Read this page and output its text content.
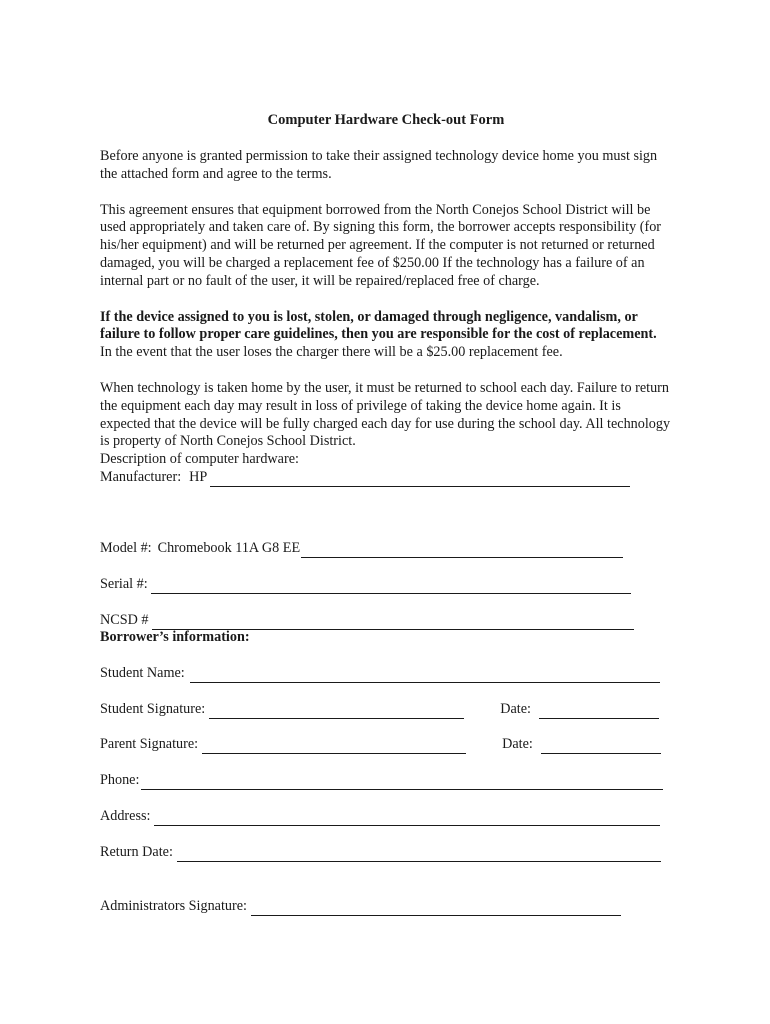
Computer Hardware Check-out Form

Before anyone is granted permission to take their assigned technology device home you must sign the attached form and agree to the terms.

This agreement ensures that equipment borrowed from the North Conejos School District will be used appropriately and taken care of. By signing this form, the borrower accepts responsibility (for his/her equipment) and will be returned per agreement. If the computer is not returned or returned damaged, you will be charged a replacement fee of $250.00 If the technology has a failure of an internal part or no fault of the user, it will be repaired/replaced free of charge.

If the device assigned to you is lost, stolen, or damaged through negligence, vandalism, or failure to follow proper care guidelines, then you are responsible for the cost of replacement. In the event that the user loses the charger there will be a $25.00 replacement fee.

When technology is taken home by the user, it must be returned to school each day. Failure to return the equipment each day may result in loss of privilege of taking the device home again. It is expected that the device will be fully charged each day for use during the school day. All technology is property of North Conejos School District.

Description of computer hardware:

Manufacturer: HP
Model #: Chromebook 11A G8 EE
Serial #:
NCSD #
Borrower’s information:
Student Name:
Student Signature:	Date:
Parent Signature:	Date:
Phone:
Address:
Return Date:
Administrators Signature:
